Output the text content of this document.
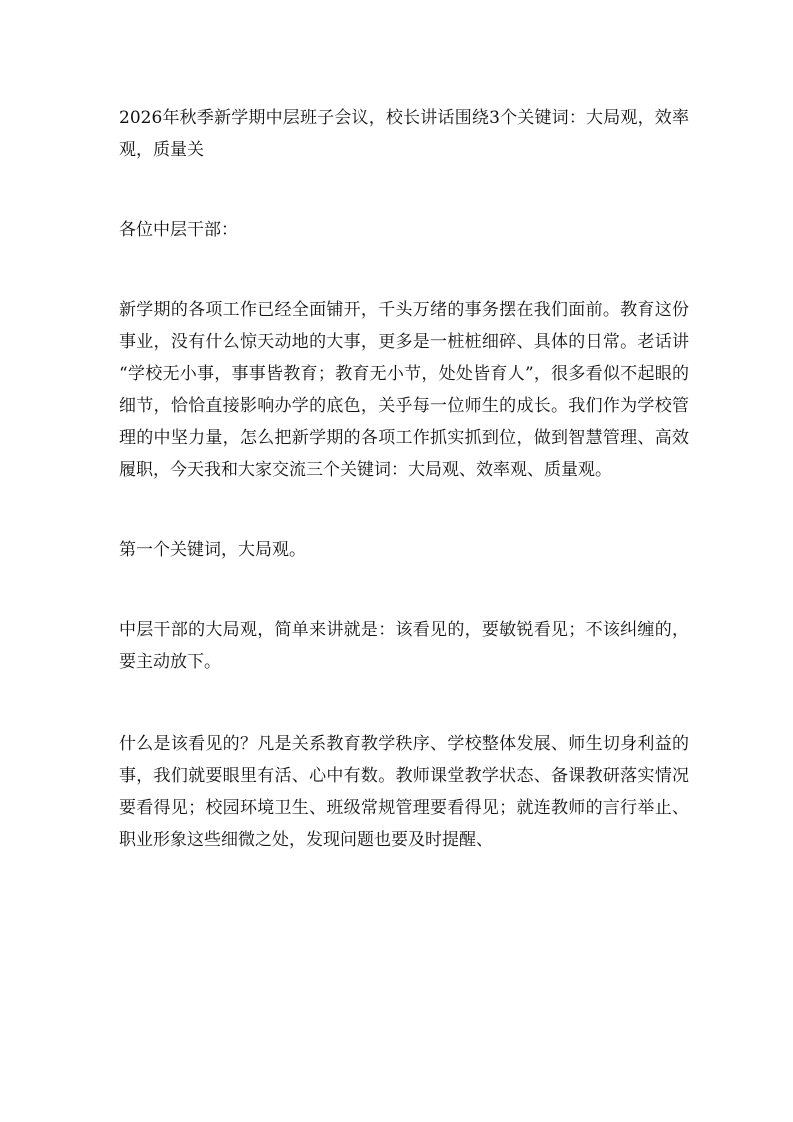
2026年秋季新学期中层班子会议，校长讲话围绕3个关键词：大局观，效率观，质量关

各位中层干部：

新学期的各项工作已经全面铺开，千头万绪的事务摆在我们面前。教育这份事业，没有什么惊天动地的大事，更多是一桩桩细碎、具体的日常。老话讲 “学校无小事，事事皆教育；教育无小节，处处皆育人”，很多看似不起眼的细节，恰恰直接影响办学的底色，关乎每一位师生的成长。我们作为学校管理的中坚力量，怎么把新学期的各项工作抓实抓到位，做到智慧管理、高效履职，今天我和大家交流三个关键词：大局观、效率观、质量观。

第一个关键词，大局观。

中层干部的大局观，简单来讲就是：该看见的，要敏锐看见；不该纠缠的，要主动放下。

什么是该看见的？凡是关系教育教学秩序、学校整体发展、师生切身利益的事，我们就要眼里有活、心中有数。教师课堂教学状态、备课教研落实情况要看得见；校园环境卫生、班级常规管理要看得见；就连教师的言行举止、职业形象这些细微之处，发现问题也要及时提醒、
